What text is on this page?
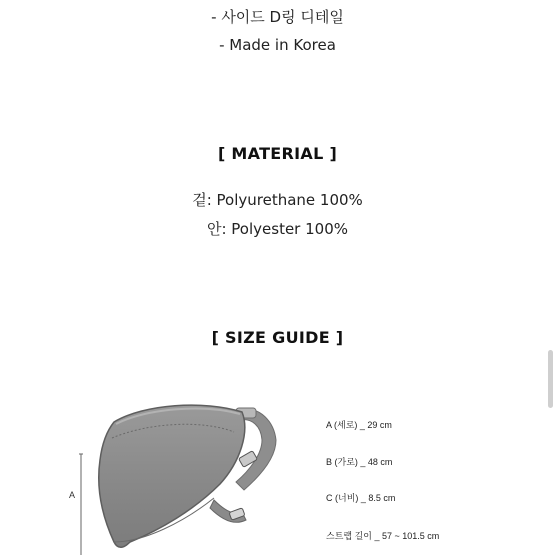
- 사이드 D링 디테일
- Made in Korea
[ MATERIAL ]
겉: Polyurethane 100%
안: Polyester 100%
[ SIZE GUIDE ]
A
A (세로) _ 29 cm
B (가로) _ 48 cm
C (너비) _ 8.5 cm
스트랩 길이 _ 57 ~ 101.5 cm
